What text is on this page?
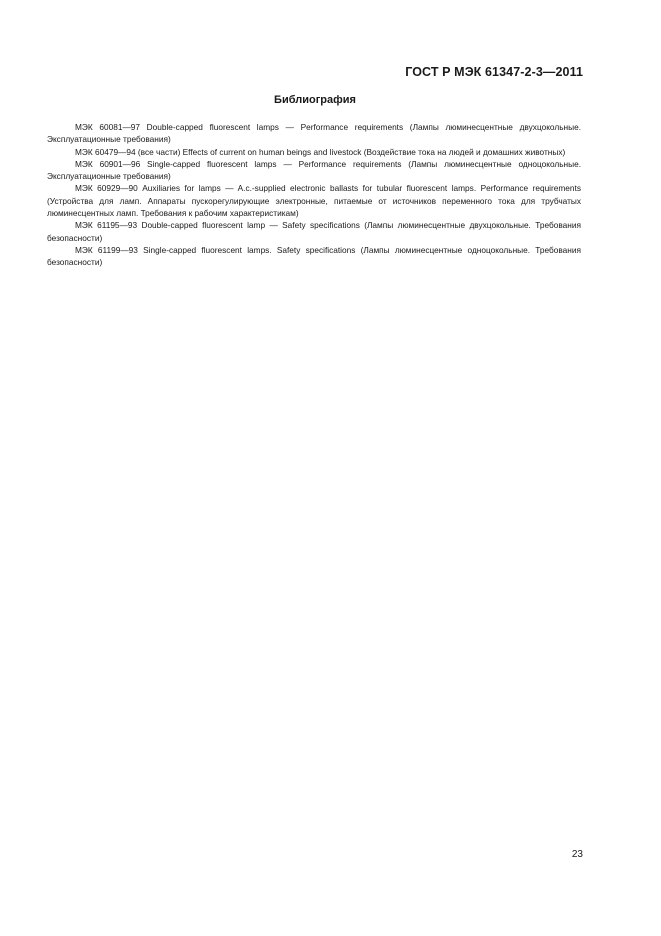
ГОСТ Р МЭК 61347-2-3—2011
Библиография

МЭК 60081—97 Double-capped fluorescent lamps — Performance requirements (Лампы люминесцентные двухцокольные. Эксплуатационные требования)

МЭК 60479—94 (все части) Effects of current on human beings and livestock (Воздействие тока на людей и домашних животных)

МЭК 60901—96 Single-capped fluorescent lamps — Performance requirements (Лампы люминесцентные одноцокольные. Эксплуатационные требования)

МЭК 60929—90 Auxiliaries for lamps — A.c.-supplied electronic ballasts for tubular fluorescent lamps. Performance requirements (Устройства для ламп. Аппараты пускорегулирующие электронные, питаемые от источников переменного тока для трубчатых люминесцентных ламп. Требования к рабочим характеристикам)

МЭК 61195—93 Double-capped fluorescent lamp — Safety specifications (Лампы люминесцентные двухцокольные. Требования безопасности)

МЭК 61199—93 Single-capped fluorescent lamps. Safety specifications (Лампы люминесцентные одноцокольные. Требования безопасности)

23
